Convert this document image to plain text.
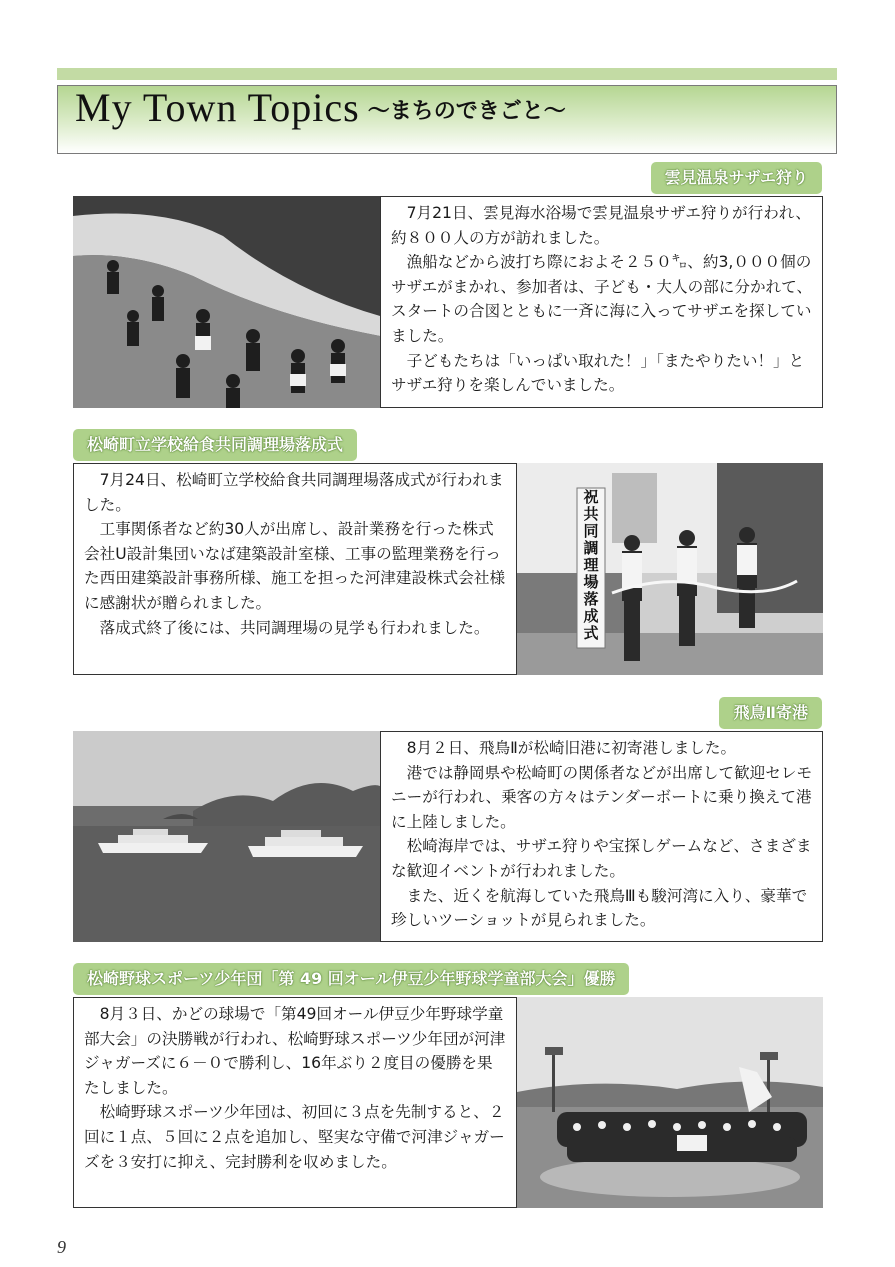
My Town Topics ～まちのできごと～
雲見温泉サザエ狩り

7月21日、雲見海水浴場で雲見温泉サザエ狩りが行われ、約８００人の方が訪れました。

漁船などから波打ち際におよそ２５０㌔、約3,０００個のサザエがまかれ、参加者は、子ども・大人の部に分かれて、スタートの合図とともに一斉に海に入ってサザエを探していました。

子どもたちは「いっぱい取れた！」「またやりたい！」とサザエ狩りを楽しんでいました。

松崎町立学校給食共同調理場落成式

7月24日、松崎町立学校給食共同調理場落成式が行われました。

工事関係者など約30人が出席し、設計業務を行った株式会社U設計集団いなば建築設計室様、工事の監理業務を行った西田建築設計事務所様、施工を担った河津建設株式会社様に感謝状が贈られました。

落成式終了後には、共同調理場の見学も行われました。

祝 共同調理場落成式
飛鳥Ⅱ寄港

8月２日、飛鳥Ⅱが松崎旧港に初寄港しました。

港では静岡県や松崎町の関係者などが出席して歓迎セレモニーが行われ、乗客の方々はテンダーボートに乗り換えて港に上陸しました。

松崎海岸では、サザエ狩りや宝探しゲームなど、さまざまな歓迎イベントが行われました。

また、近くを航海していた飛鳥Ⅲも駿河湾に入り、豪華で珍しいツーショットが見られました。

松崎野球スポーツ少年団「第 49 回オール伊豆少年野球学童部大会」優勝

8月３日、かどの球場で「第49回オール伊豆少年野球学童部大会」の決勝戦が行われ、松崎野球スポーツ少年団が河津ジャガーズに６－０で勝利し、16年ぶり２度目の優勝を果たしました。

松崎野球スポーツ少年団は、初回に３点を先制すると、２回に１点、５回に２点を追加し、堅実な守備で河津ジャガーズを３安打に抑え、完封勝利を収めました。

9
